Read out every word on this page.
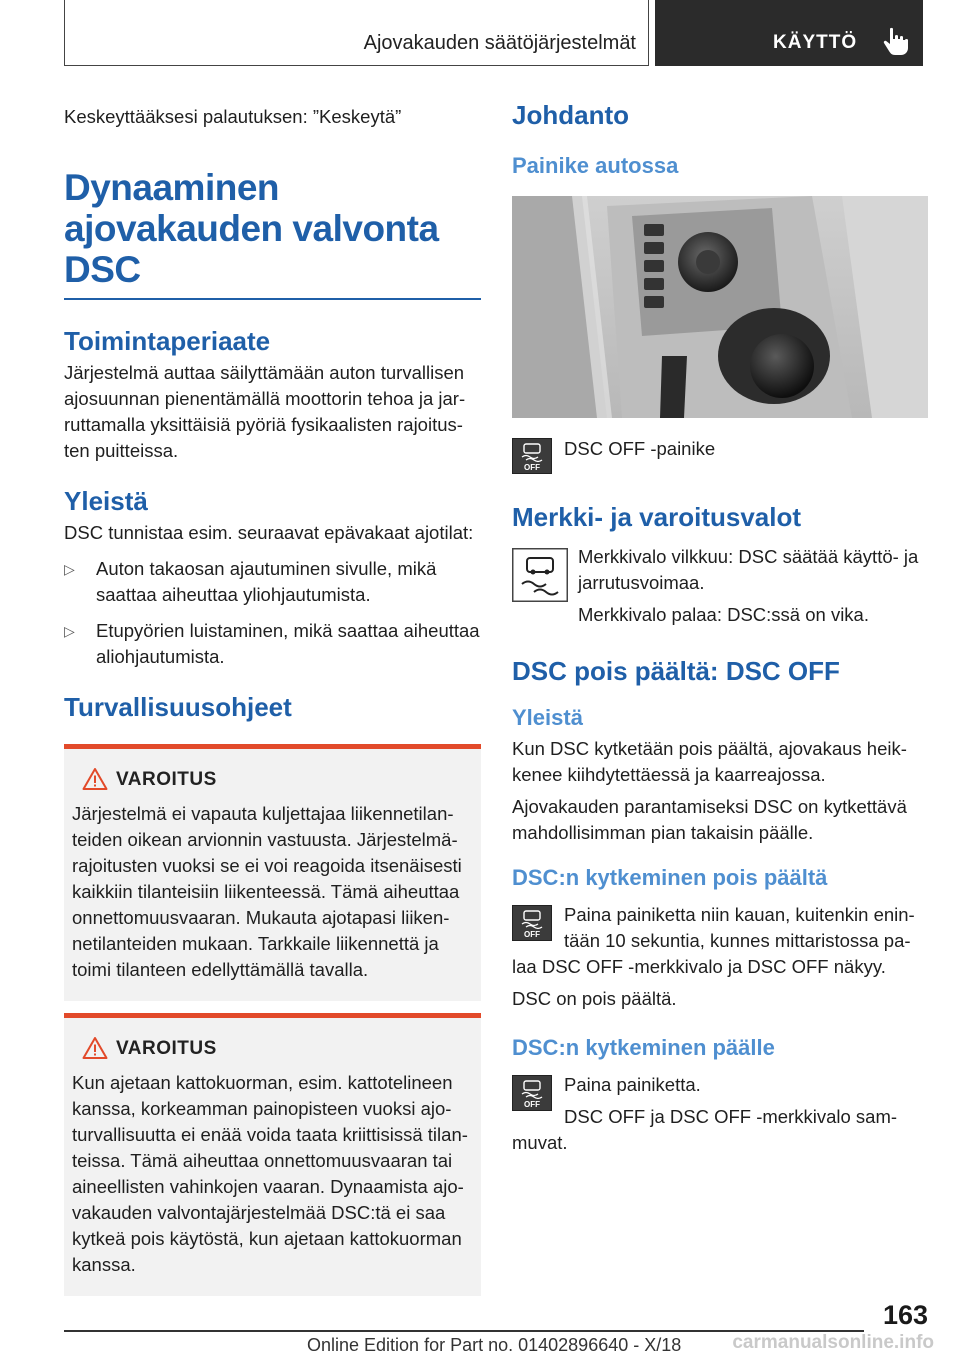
Ajovakauden säätöjärjestelmät	KÄYTTÖ
Keskeyttääksesi palautuksen: ”Keskeytä”
Dynaaminen ajovakauden valvonta DSC
Toimintaperiaate
Järjestelmä auttaa säilyttämään auton turvallisen ajosuunnan pienentämällä moottorin tehoa ja jarruttamalla yksittäisiä pyöriä fysikaalisten rajoitusten puitteissa.
Yleistä
DSC tunnistaa esim. seuraavat epävakaat ajotilat:
▷ Auton takaosan ajautuminen sivulle, mikä saattaa aiheuttaa yliohjautumista.
▷ Etupyörien luistaminen, mikä saattaa aiheuttaa aliohjautumista.
Turvallisuusohjeet
VAROITUS
Järjestelmä ei vapauta kuljettajaa liikennetilanteiden oikean arvionnin vastuusta. Järjestelmärajoitusten vuoksi se ei voi reagoida itsenäisesti kaikkiin tilanteisiin liikenteessä. Tämä aiheuttaa onnettomuusvaaran. Mukauta ajotapasi liikennetilanteiden mukaan. Tarkkaile liikennettä ja toimi tilanteen edellyttämällä tavalla.
VAROITUS
Kun ajetaan kattokuorman, esim. kattotelineen kanssa, korkeamman painopisteen vuoksi ajoturvallisuutta ei enää voida taata kriittisissä tilanteissa. Tämä aiheuttaa onnettomuusvaaran tai aineellisten vahinkojen vaaran. Dynaamista ajovakauden valvontajärjestelmää DSC:tä ei saa kytkeä pois käytöstä, kun ajetaan kattokuorman kanssa.
Johdanto
Painike autossa
OFF
DSC OFF -painike
Merkki- ja varoitusvalot
Merkkivalo vilkkuu: DSC säätää käyttö- ja jarrutusvoimaa.
Merkkivalo palaa: DSC:ssä on vika.
DSC pois päältä: DSC OFF
Yleistä
Kun DSC kytketään pois päältä, ajovakaus heikkenee kiihdytettäessä ja kaarreajossa.
Ajovakauden parantamiseksi DSC on kytkettävä mahdollisimman pian takaisin päälle.
DSC:n kytkeminen pois päältä
OFF
Paina painiketta niin kauan, kuitenkin enintään 10 sekuntia, kunnes mittaristossa palaa DSC OFF -merkkivalo ja DSC OFF näkyy.
DSC on pois päältä.
DSC:n kytkeminen päälle
OFF
Paina painiketta.
DSC OFF ja DSC OFF -merkkivalo sammuvat.
163
Online Edition for Part no. 01402896640 - X/18	carmanualsonline.info
